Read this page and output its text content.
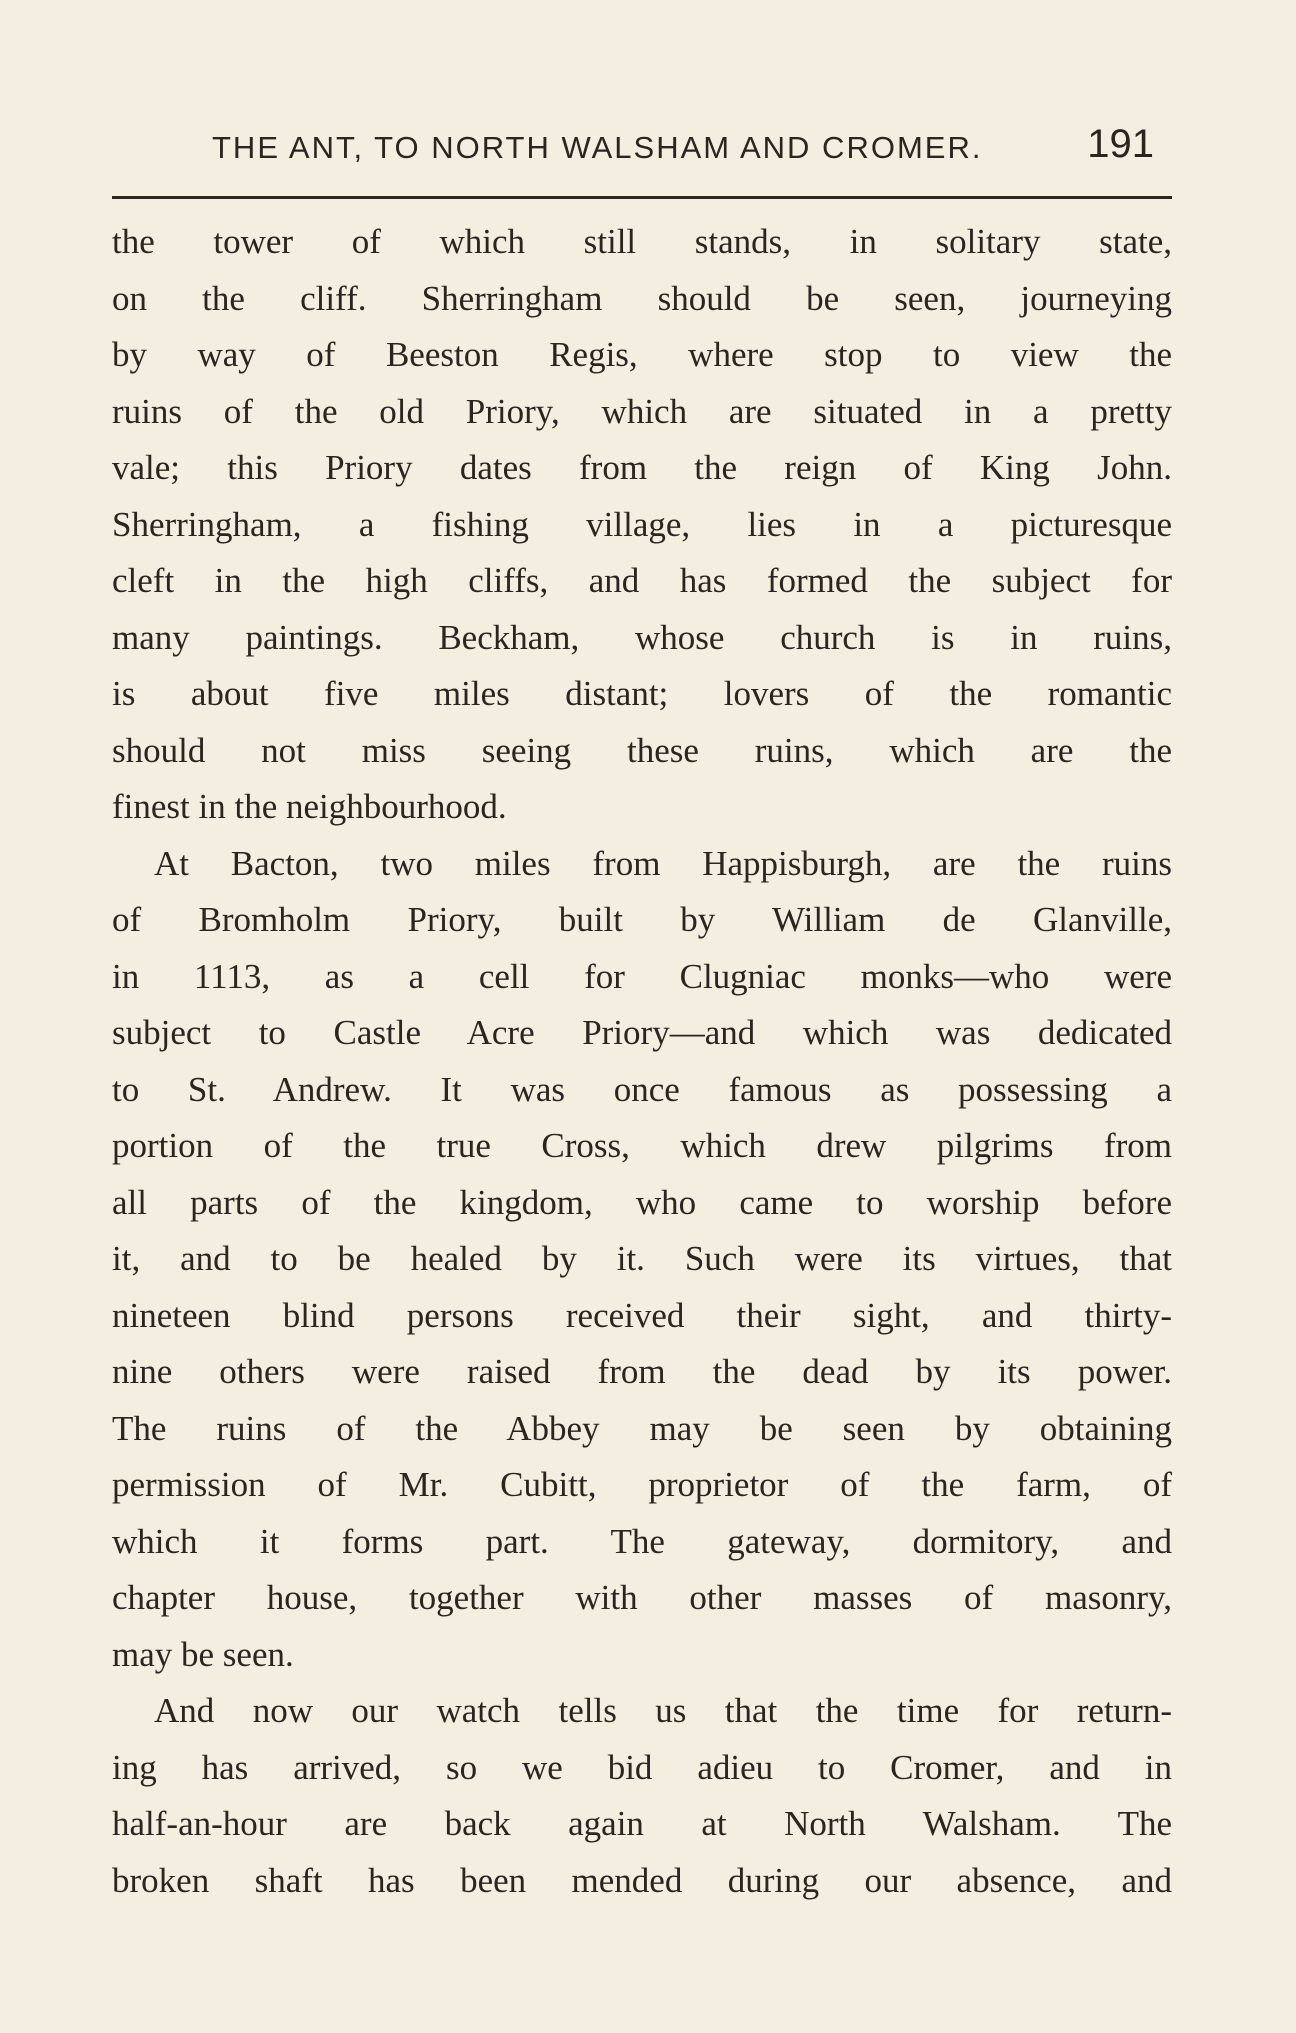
THE ANT, TO NORTH WALSHAM AND CROMER.	191
the tower of which still stands, in solitary state,
on the cliff. Sherringham should be seen, journeying
by way of Beeston Regis, where stop to view the
ruins of the old Priory, which are situated in a pretty
vale; this Priory dates from the reign of King John.
Sherringham, a fishing village, lies in a picturesque
cleft in the high cliffs, and has formed the subject for
many paintings. Beckham, whose church is in ruins,
is about five miles distant; lovers of the romantic
should not miss seeing these ruins, which are the
finest in the neighbourhood.
At Bacton, two miles from Happisburgh, are the ruins
of Bromholm Priory, built by William de Glanville,
in 1113, as a cell for Clugniac monks—who were
subject to Castle Acre Priory—and which was dedicated
to St. Andrew. It was once famous as possessing a
portion of the true Cross, which drew pilgrims from
all parts of the kingdom, who came to worship before
it, and to be healed by it. Such were its virtues, that
nineteen blind persons received their sight, and thirty-
nine others were raised from the dead by its power.
The ruins of the Abbey may be seen by obtaining
permission of Mr. Cubitt, proprietor of the farm, of
which it forms part. The gateway, dormitory, and
chapter house, together with other masses of masonry,
may be seen.
And now our watch tells us that the time for return-
ing has arrived, so we bid adieu to Cromer, and in
half-an-hour are back again at North Walsham. The
broken shaft has been mended during our absence, and
